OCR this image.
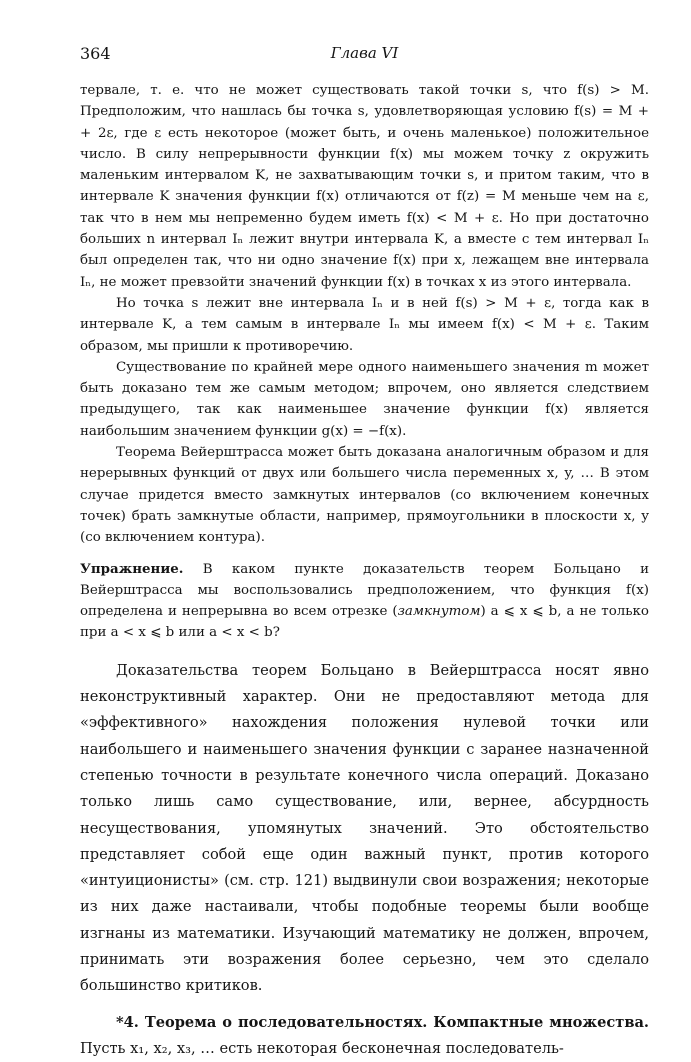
364	Глава VI

тервале, т. е. что не может существовать такой точки s, что f(s) > M. Предположим, что нашлась бы точка s, удовлетворяющая условию f(s) = M + + 2ε, где ε есть некоторое (может быть, и очень маленькое) положительное число. В силу непрерывности функции f(x) мы можем точку z окружить маленьким интервалом K, не захватывающим точки s, и притом таким, что в интервале K значения функции f(x) отличаются от f(z) = M меньше чем на ε, так что в нем мы непременно будем иметь f(x) < M + ε. Но при достаточно больших n интервал Iₙ лежит внутри интервала K, а вместе с тем интервал Iₙ был определен так, что ни одно значение f(x) при x, лежащем вне интервала Iₙ, не может превзойти значений функции f(x) в точках x из этого интервала.

Но точка s лежит вне интервала Iₙ и в ней f(s) > M + ε, тогда как в интервале K, а тем самым в интервале Iₙ мы имеем f(x) < M + ε. Таким образом, мы пришли к противоречию.

Существование по крайней мере одного наименьшего значения m может быть доказано тем же самым методом; впрочем, оно является следствием предыдущего, так как наименьшее значение функции f(x) является наибольшим значением функции g(x) = −f(x).

Теорема Вейерштрасса может быть доказана аналогичным образом и для нерерывных функций от двух или большего числа переменных x, y, … В этом случае придется вместо замкнутых интервалов (со включением конечных точек) брать замкнутые области, например, прямоугольники в плоскости x, y (со включением контура).

Упражнение. В каком пункте доказательств теорем Больцано и Вейерштрасса мы воспользовались предположением, что функция f(x) определена и непрерывна во всем отрезке (замкнутом) a ⩽ x ⩽ b, а не только при a < x ⩽ b или a < x < b?

Доказательства теорем Больцано в Вейерштрасса носят явно неконструктивный характер. Они не предоставляют метода для «эффективного» нахождения положения нулевой точки или наибольшего и наименьшего значения функции с заранее назначенной степенью точности в результате конечного числа операций. Доказано только лишь само существование, или, вернее, абсурдность несуществования, упомянутых значений. Это обстоятельство представляет собой еще один важный пункт, против которого «интуиционисты» (см. стр. 121) выдвинули свои возражения; некоторые из них даже настаивали, чтобы подобные теоремы были вообще изгнаны из математики. Изучающий математику не должен, впрочем, принимать эти возражения более серьезно, чем это сделало большинство критиков.

*4. Теорема о последовательностях. Компактные множества. Пусть x₁, x₂, x₃, … есть некоторая бесконечная последователь-
